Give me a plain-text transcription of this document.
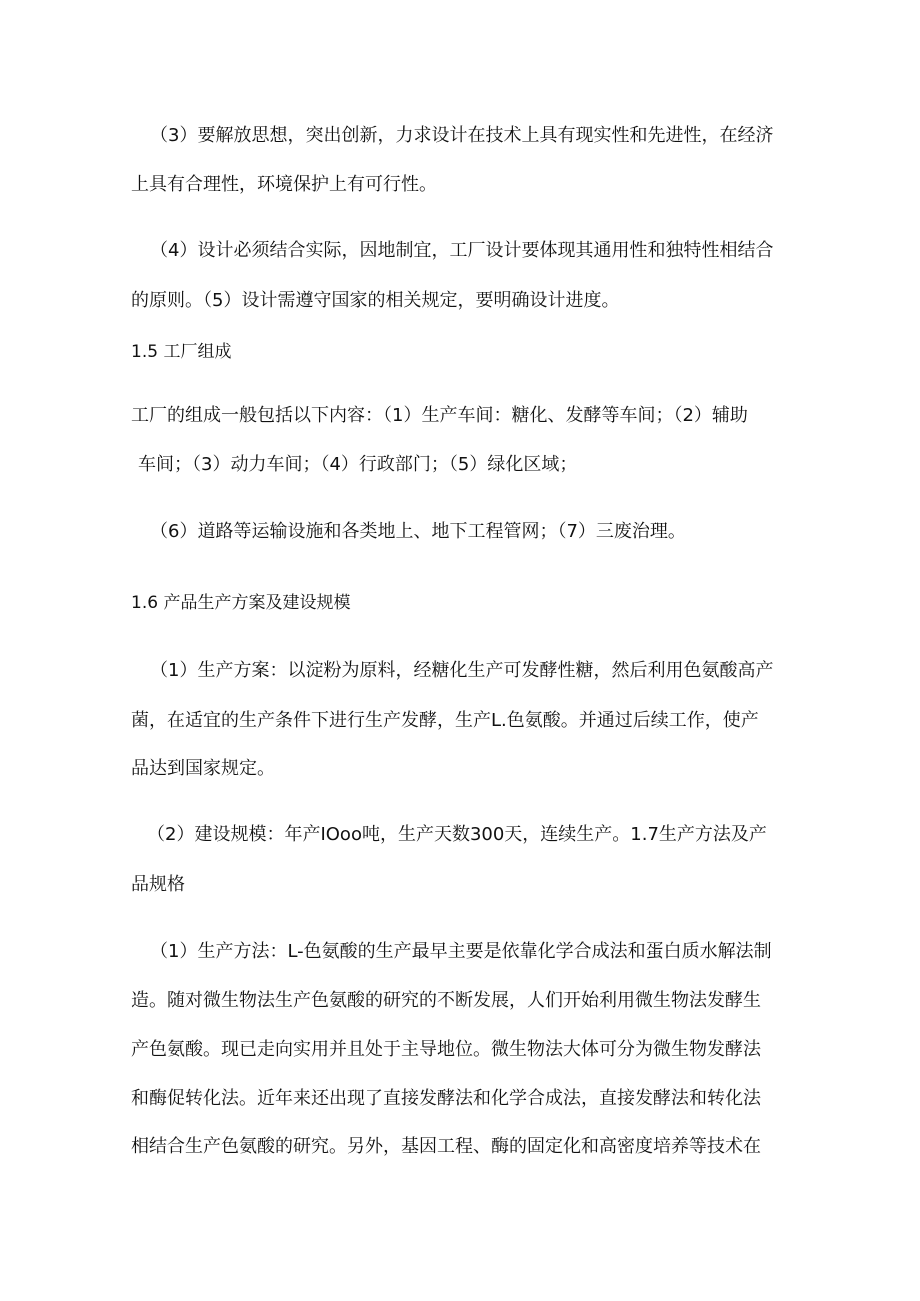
（3）要解放思想，突出创新，力求设计在技术上具有现实性和先进性，在经济
上具有合理性，环境保护上有可行性。
（4）设计必须结合实际，因地制宜，工厂设计要体现其通用性和独特性相结合
的原则。（5）设计需遵守国家的相关规定，要明确设计进度。
1.5 工厂组成
工厂的组成一般包括以下内容：（1）生产车间：糖化、发酵等车间；（2）辅助
车间；（3）动力车间；（4）行政部门；（5）绿化区域；
（6）道路等运输设施和各类地上、地下工程管网；（7）三废治理。
1.6 产品生产方案及建设规模
（1）生产方案：以淀粉为原料，经糖化生产可发酵性糖，然后利用色氨酸高产
菌，在适宜的生产条件下进行生产发酵，生产L.色氨酸。并通过后续工作，使产
品达到国家规定。
（2）建设规模：年产IOoo吨，生产天数300天，连续生产。1.7生产方法及产
品规格
（1）生产方法：L-色氨酸的生产最早主要是依靠化学合成法和蛋白质水解法制
造。随对微生物法生产色氨酸的研究的不断发展，人们开始利用微生物法发酵生
产色氨酸。现已走向实用并且处于主导地位。微生物法大体可分为微生物发酵法
和酶促转化法。近年来还出现了直接发酵法和化学合成法，直接发酵法和转化法
相结合生产色氨酸的研究。另外，基因工程、酶的固定化和高密度培养等技术在
